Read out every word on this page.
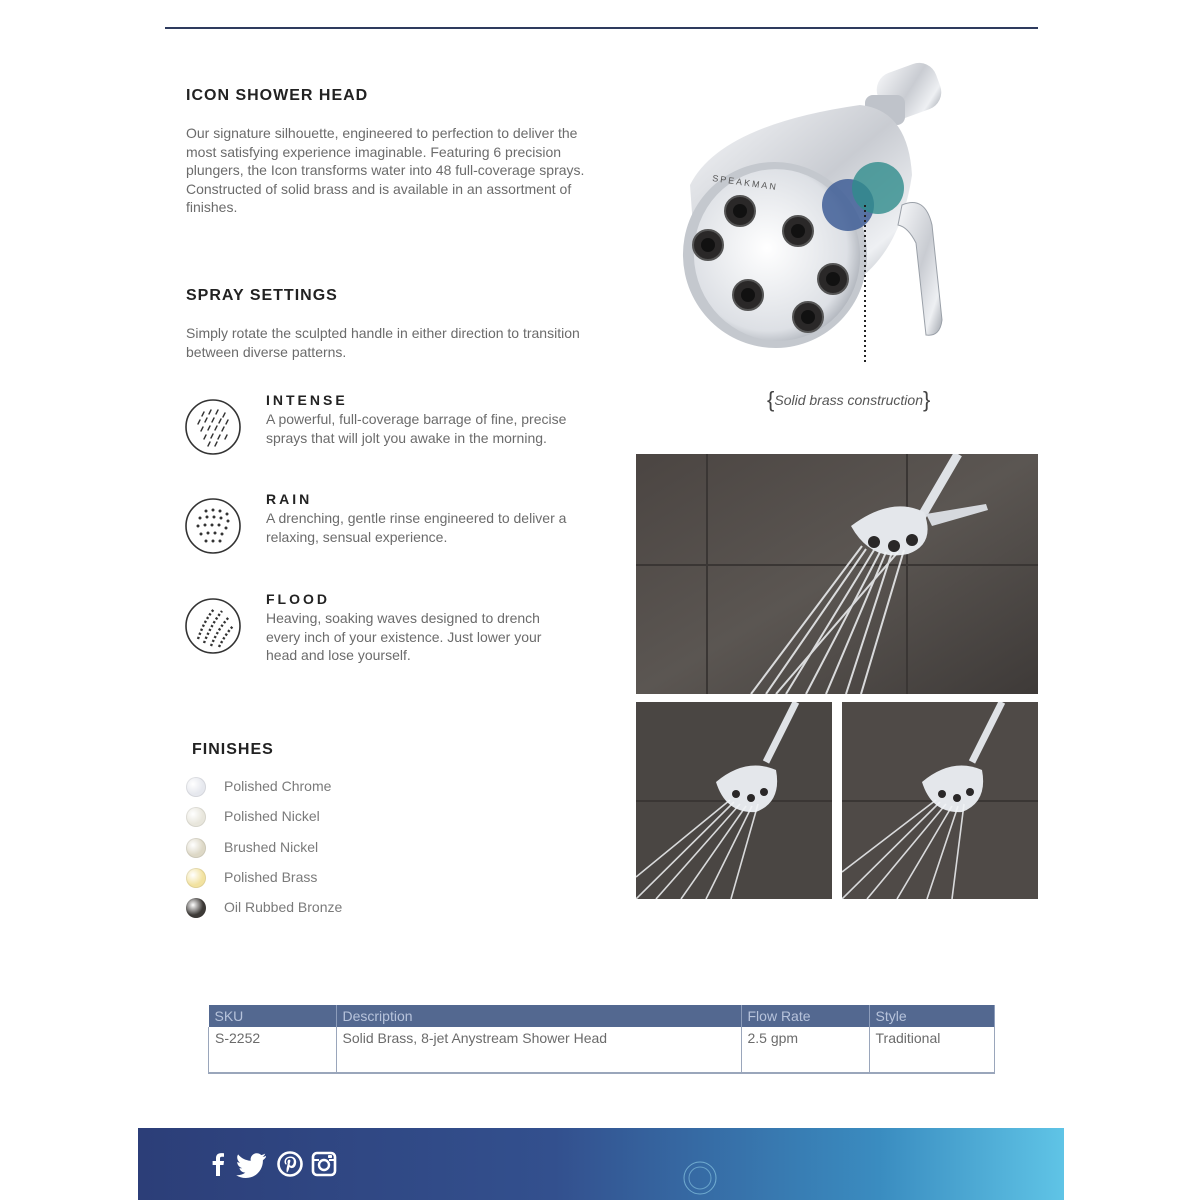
ICON SHOWER HEAD

Our signature silhouette, engineered to perfection to deliver the most satisfying experience imaginable. Featuring 6 precision plungers, the Icon transforms water into 48 full-coverage sprays. Constructed of solid brass and is available in an assortment of finishes.

SPRAY SETTINGS

Simply rotate the sculpted handle in either direction to transition between diverse patterns.

INTENSE
A powerful, full-coverage barrage of fine, precise sprays that will jolt you awake in the morning.
RAIN
A drenching, gentle rinse engineered to deliver a relaxing, sensual experience.
FLOOD
Heaving, soaking waves designed to drench every inch of your existence. Just lower your head and lose yourself.
FINISHES
Polished Chrome
Polished Nickel
Brushed Nickel
Polished Brass
Oil Rubbed Bronze
SPEAKMAN
{Solid brass construction}
SKU	Description	Flow Rate	Style
S-2252	Solid Brass, 8-jet Anystream Shower Head	2.5 gpm	Traditional
